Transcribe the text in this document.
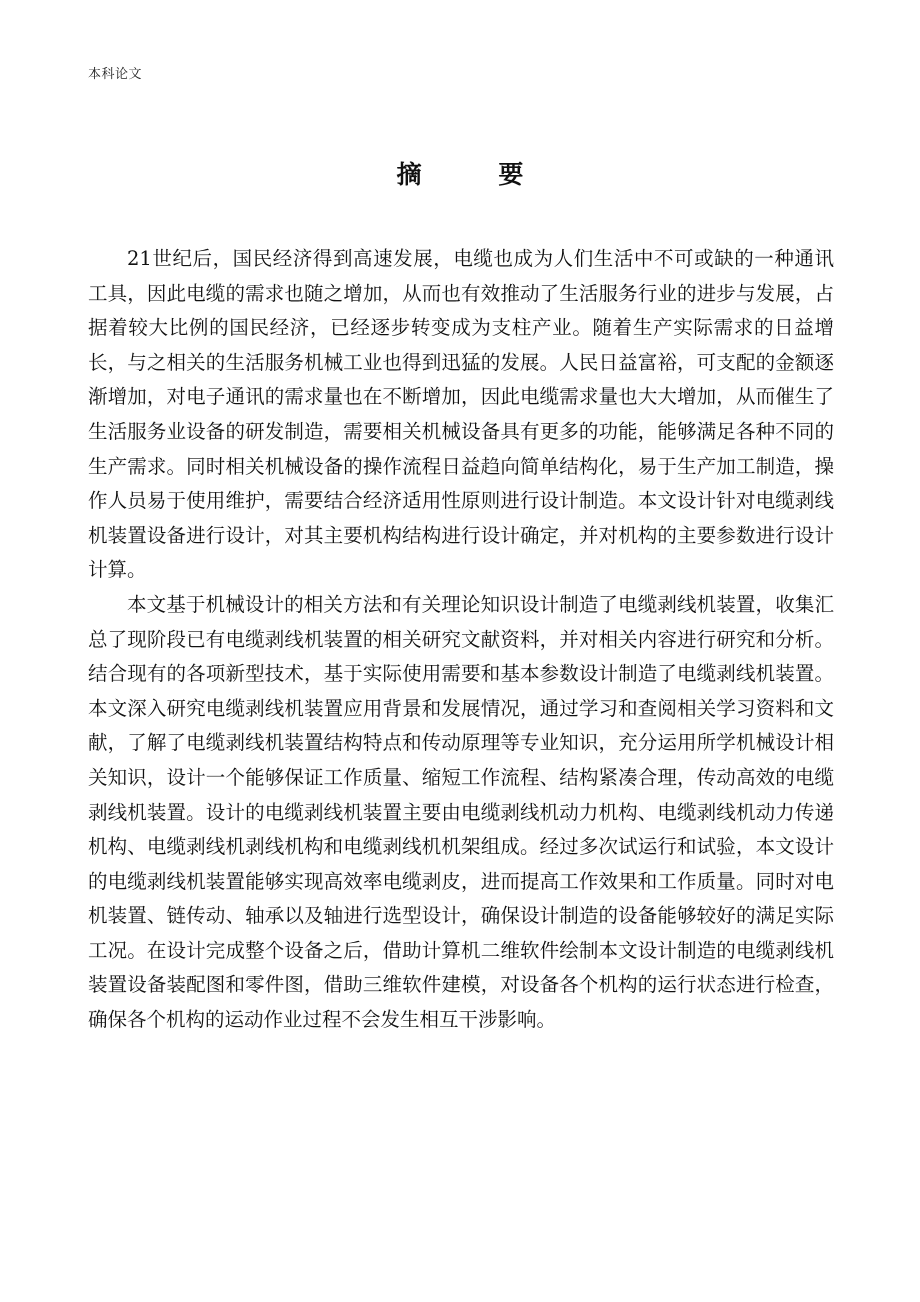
本科论文
摘 要

21世纪后，国民经济得到高速发展，电缆也成为人们生活中不可或缺的一种通讯工具，因此电缆的需求也随之增加，从而也有效推动了生活服务行业的进步与发展，占据着较大比例的国民经济，已经逐步转变成为支柱产业。随着生产实际需求的日益增长，与之相关的生活服务机械工业也得到迅猛的发展。人民日益富裕，可支配的金额逐渐增加，对电子通讯的需求量也在不断增加，因此电缆需求量也大大增加，从而催生了生活服务业设备的研发制造，需要相关机械设备具有更多的功能，能够满足各种不同的生产需求。同时相关机械设备的操作流程日益趋向简单结构化，易于生产加工制造，操作人员易于使用维护，需要结合经济适用性原则进行设计制造。本文设计针对电缆剥线机装置设备进行设计，对其主要机构结构进行设计确定，并对机构的主要参数进行设计计算。

本文基于机械设计的相关方法和有关理论知识设计制造了电缆剥线机装置，收集汇总了现阶段已有电缆剥线机装置的相关研究文献资料，并对相关内容进行研究和分析。结合现有的各项新型技术，基于实际使用需要和基本参数设计制造了电缆剥线机装置。本文深入研究电缆剥线机装置应用背景和发展情况，通过学习和查阅相关学习资料和文献，了解了电缆剥线机装置结构特点和传动原理等专业知识，充分运用所学机械设计相关知识，设计一个能够保证工作质量、缩短工作流程、结构紧凑合理，传动高效的电缆剥线机装置。设计的电缆剥线机装置主要由电缆剥线机动力机构、电缆剥线机动力传递机构、电缆剥线机剥线机构和电缆剥线机机架组成。经过多次试运行和试验，本文设计的电缆剥线机装置能够实现高效率电缆剥皮，进而提高工作效果和工作质量。同时对电机装置、链传动、轴承以及轴进行选型设计，确保设计制造的设备能够较好的满足实际工况。在设计完成整个设备之后，借助计算机二维软件绘制本文设计制造的电缆剥线机装置设备装配图和零件图，借助三维软件建模，对设备各个机构的运行状态进行检查，确保各个机构的运动作业过程不会发生相互干涉影响。
